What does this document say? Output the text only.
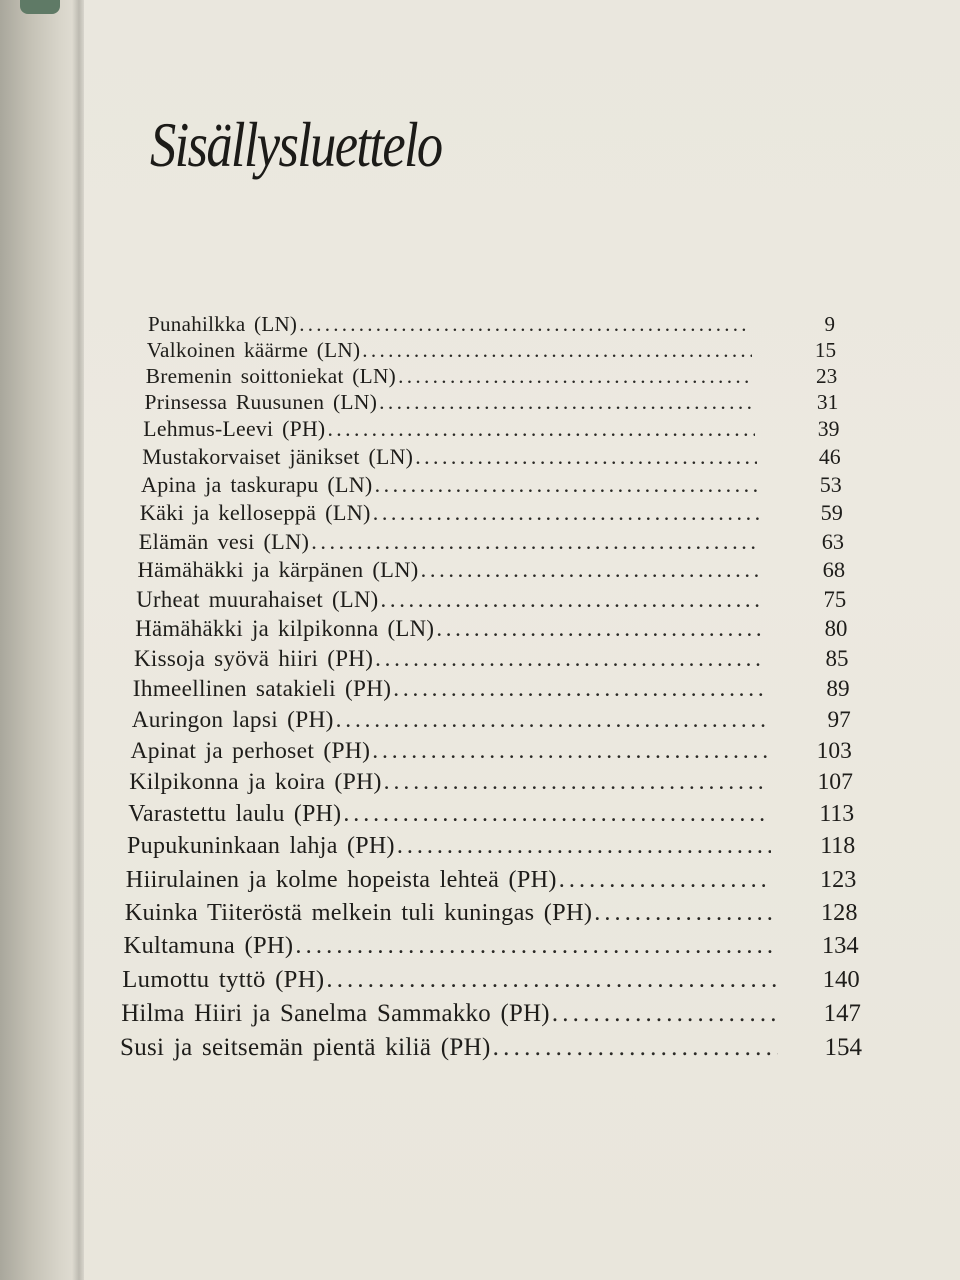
Sisällysluettelo
Punahilkka (LN) . . .	9
Valkoinen käärme (LN) . . .	15
Bremenin soittoniekat (LN) . . .	23
Prinsessa Ruusunen (LN) . . .	31
Lehmus-Leevi (PH) . . .	39
Mustakorvaiset jänikset (LN) . . .	46
Apina ja taskurapu (LN) . . .	53
Käki ja kelloseppä (LN) . . .	59
Elämän vesi (LN) . . .	63
Hämähäkki ja kärpänen (LN) . . .	68
Urheat muurahaiset (LN) . . .	75
Hämähäkki ja kilpikonna (LN) . . .	80
Kissoja syövä hiiri (PH) . . .	85
Ihmeellinen satakieli (PH) . . .	89
Auringon lapsi (PH) . . .	97
Apinat ja perhoset (PH) . . .	103
Kilpikonna ja koira (PH) . . .	107
Varastettu laulu (PH) . . .	113
Pupukuninkaan lahja (PH) . . .	118
Hiirulainen ja kolme hopeista lehteä (PH) . . .	123
Kuinka Tiiteröstä melkein tuli kuningas (PH) . . .	128
Kultamuna (PH) . . .	134
Lumottu tyttö (PH) . . .	140
Hilma Hiiri ja Sanelma Sammakko (PH) . . .	147
Susi ja seitsemän pientä kiliä (PH) . . .	154
